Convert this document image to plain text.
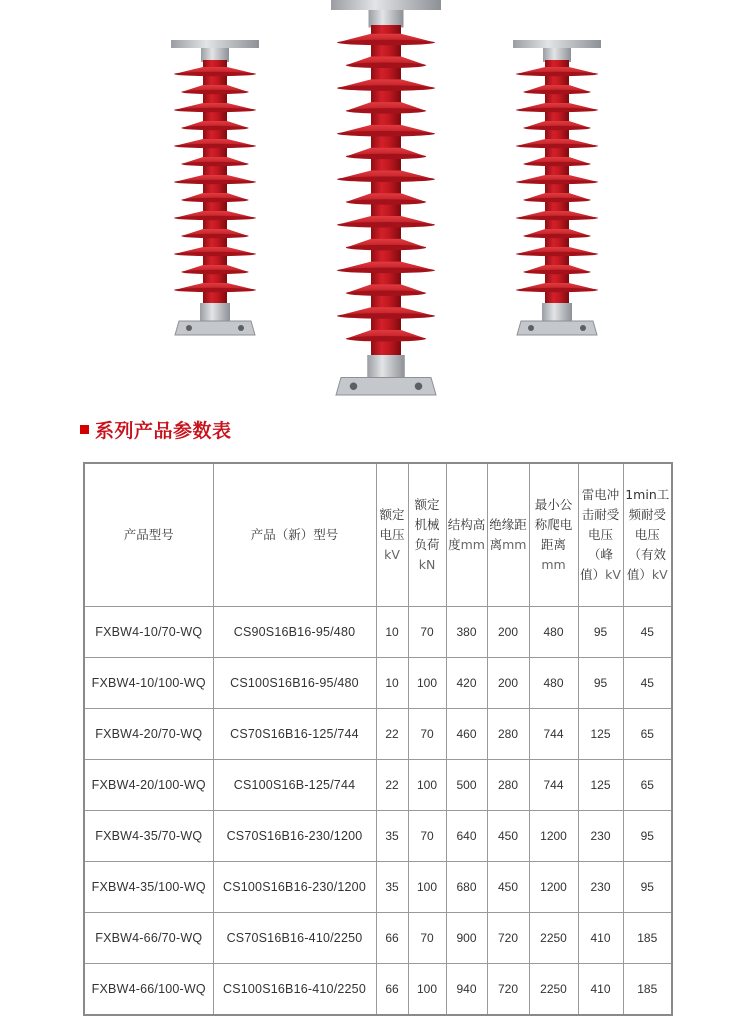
系列产品参数表
产品型号	产品（新）型号	额定电压kV	额定机械负荷kN	结构高度mm	绝缘距离mm	最小公称爬电距离mm	雷电冲击耐受电压（峰值）kV	1min工频耐受电压（有效值）kV
FXBW4-10/70-WQ	CS90S16B16-95/480	10	70	380	200	480	95	45
FXBW4-10/100-WQ	CS100S16B16-95/480	10	100	420	200	480	95	45
FXBW4-20/70-WQ	CS70S16B16-125/744	22	70	460	280	744	125	65
FXBW4-20/100-WQ	CS100S16B-125/744	22	100	500	280	744	125	65
FXBW4-35/70-WQ	CS70S16B16-230/1200	35	70	640	450	1200	230	95
FXBW4-35/100-WQ	CS100S16B16-230/1200	35	100	680	450	1200	230	95
FXBW4-66/70-WQ	CS70S16B16-410/2250	66	70	900	720	2250	410	185
FXBW4-66/100-WQ	CS100S16B16-410/2250	66	100	940	720	2250	410	185
